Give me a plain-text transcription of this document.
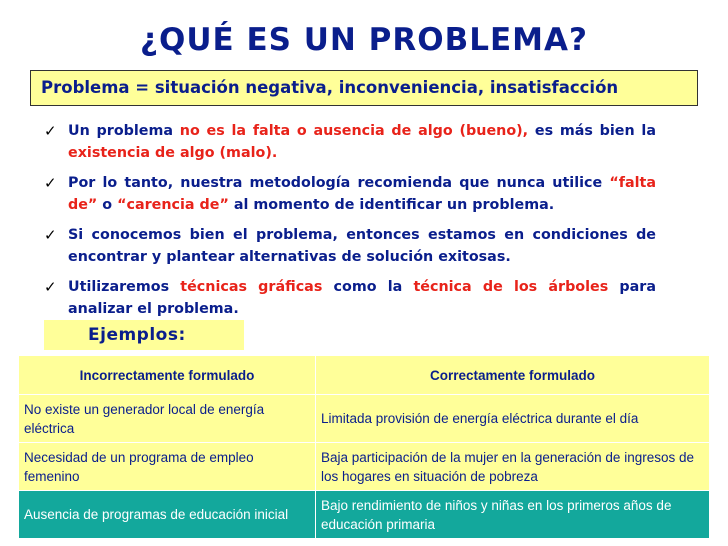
¿QUÉ ES UN PROBLEMA?
Problema = situación negativa, inconveniencia, insatisfacción
✓ Un problema no es la falta o ausencia de algo (bueno), es más bien la existencia de algo (malo).
✓ Por lo tanto, nuestra metodología recomienda que nunca utilice “falta de” o “carencia de” al momento de identificar un problema.
✓ Si conocemos bien el problema, entonces estamos en condiciones de encontrar y plantear alternativas de solución exitosas.
✓ Utilizaremos técnicas gráficas como la técnica de los árboles para analizar el problema.
Ejemplos:
Incorrectamente formulado	Correctamente formulado
No existe un generador local de energía eléctrica	Limitada provisión de energía eléctrica durante el día
Necesidad de un programa de empleo femenino	Baja participación de la mujer en la generación de ingresos de los hogares en situación de pobreza
Ausencia de programas de educación inicial	Bajo rendimiento de niños y niñas en los primeros años de educación primaria
